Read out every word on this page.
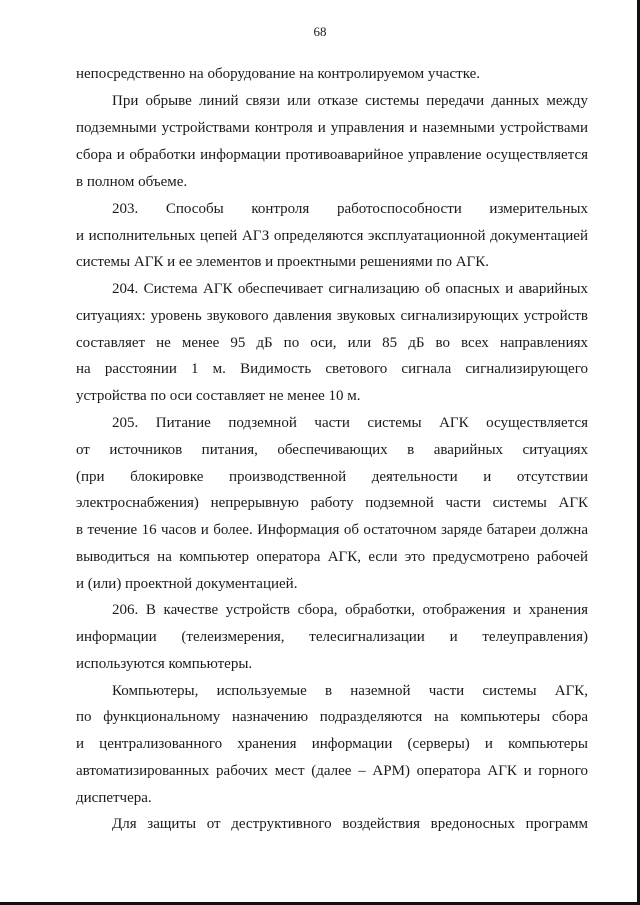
68
непосредственно на оборудование на контролируемом участке.
При обрыве линий связи или отказе системы передачи данных между
подземными устройствами контроля и управления и наземными устройствами
сбора и обработки информации противоаварийное управление осуществляется
в полном объеме.
203. Способы контроля работоспособности измерительных
и исполнительных цепей АГЗ определяются эксплуатационной документацией
системы АГК и ее элементов и проектными решениями по АГК.
204. Система АГК обеспечивает сигнализацию об опасных и аварийных
ситуациях: уровень звукового давления звуковых сигнализирующих устройств
составляет не менее 95 дБ по оси, или 85 дБ во всех направлениях
на расстоянии 1 м. Видимость светового сигнала сигнализирующего
устройства по оси составляет не менее 10 м.
205. Питание подземной части системы АГК осуществляется
от источников питания, обеспечивающих в аварийных ситуациях
(при блокировке производственной деятельности и отсутствии
электроснабжения) непрерывную работу подземной части системы АГК
в течение 16 часов и более. Информация об остаточном заряде батареи должна
выводиться на компьютер оператора АГК, если это предусмотрено рабочей
и (или) проектной документацией.
206. В качестве устройств сбора, обработки, отображения и хранения
информации (телеизмерения, телесигнализации и телеуправления)
используются компьютеры.
Компьютеры, используемые в наземной части системы АГК,
по функциональному назначению подразделяются на компьютеры сбора
и централизованного хранения информации (серверы) и компьютеры
автоматизированных рабочих мест (далее – АРМ) оператора АГК и горного
диспетчера.
Для защиты от деструктивного воздействия вредоносных программ
